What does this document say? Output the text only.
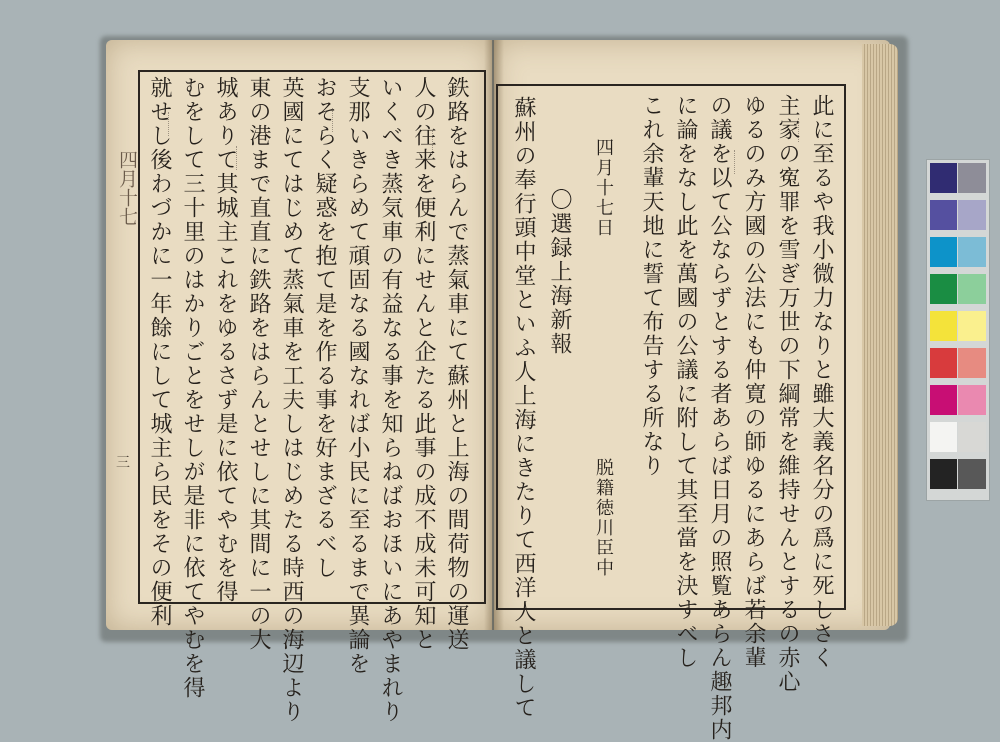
四月十七
三 就せし後わづかに一年餘にして城主ら民をその便利 むをして三十里のはかりごとをせしが是非に依てやむを得 城ありて其城主これをゆるさず是に依てやむを得 東の港まで直直に鉄路をはらんとせしに其間に一の大 英國にてはじめて蒸氣車を工夫しはじめたる時西の海辺より おそらく疑惑を抱て是を作る事を好まざるべし 支那いきらめて頑固なる國なれば小民に至るまで異論を いくべき蒸気車の有益なる事を知らねばおほいにあやまれり 人の往来を便利にせんと企たる此事の成不成未可知と 鉄路をはらんで蒸氣車にて蘇州と上海の間荷物の運送	此に至るや我小微力なりと雖大義名分の爲に死しさく
主家の寃罪を雪ぎ万世の下綱常を維持せんとするの赤心
ゆるのみ方國の公法にも仲寛の師ゆるにあらば若余輩
の議を以て公ならずとする者あらば日月の照覧あらん趣邦内
に論をなし此を萬國の公議に附して其至當を決すべし
これ余輩天地に誓て布告する所なり
四月十七日　　　　　　　　　　　脱籍徳川臣中
〇選録上海新報
蘇州の奉行頭中堂といふ人上海にきたりて西洋人と議して
